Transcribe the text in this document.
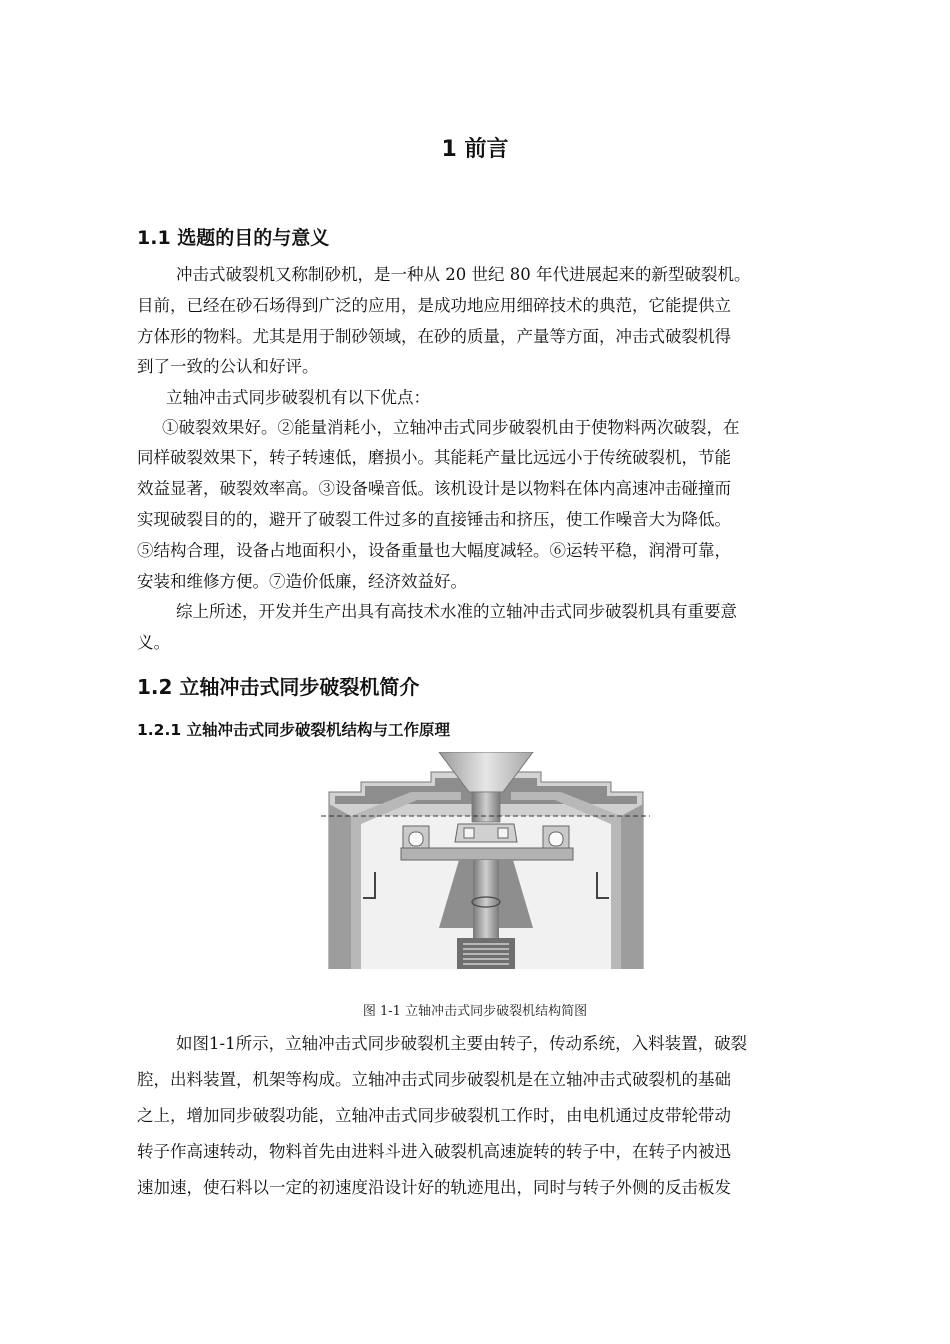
1 前言
1.1 选题的目的与意义
冲击式破裂机又称制砂机，是一种从 20 世纪 80 年代进展起来的新型破裂机。
目前，已经在砂石场得到广泛的应用，是成功地应用细碎技术的典范，它能提供立
方体形的物料。尤其是用于制砂领域，在砂的质量，产量等方面，冲击式破裂机得
到了一致的公认和好评。
立轴冲击式同步破裂机有以下优点：
①破裂效果好。②能量消耗小，立轴冲击式同步破裂机由于使物料两次破裂，在
同样破裂效果下，转子转速低，磨损小。其能耗产量比远远小于传统破裂机，节能
效益显著，破裂效率高。③设备噪音低。该机设计是以物料在体内高速冲击碰撞而
实现破裂目的的，避开了破裂工件过多的直接锤击和挤压，使工作噪音大为降低。
⑤结构合理，设备占地面积小，设备重量也大幅度减轻。⑥运转平稳，润滑可靠，
安装和维修方便。⑦造价低廉，经济效益好。
综上所述，开发并生产出具有高技术水准的立轴冲击式同步破裂机具有重要意
义。
1.2 立轴冲击式同步破裂机简介
1.2.1 立轴冲击式同步破裂机结构与工作原理
图 1-1 立轴冲击式同步破裂机结构简图
如图1-1所示，立轴冲击式同步破裂机主要由转子，传动系统，入料装置，破裂
腔，出料装置，机架等构成。立轴冲击式同步破裂机是在立轴冲击式破裂机的基础
之上，增加同步破裂功能，立轴冲击式同步破裂机工作时，由电机通过皮带轮带动
转子作高速转动，物料首先由进料斗进入破裂机高速旋转的转子中，在转子内被迅
速加速，使石料以一定的初速度沿设计好的轨迹甩出，同时与转子外侧的反击板发
